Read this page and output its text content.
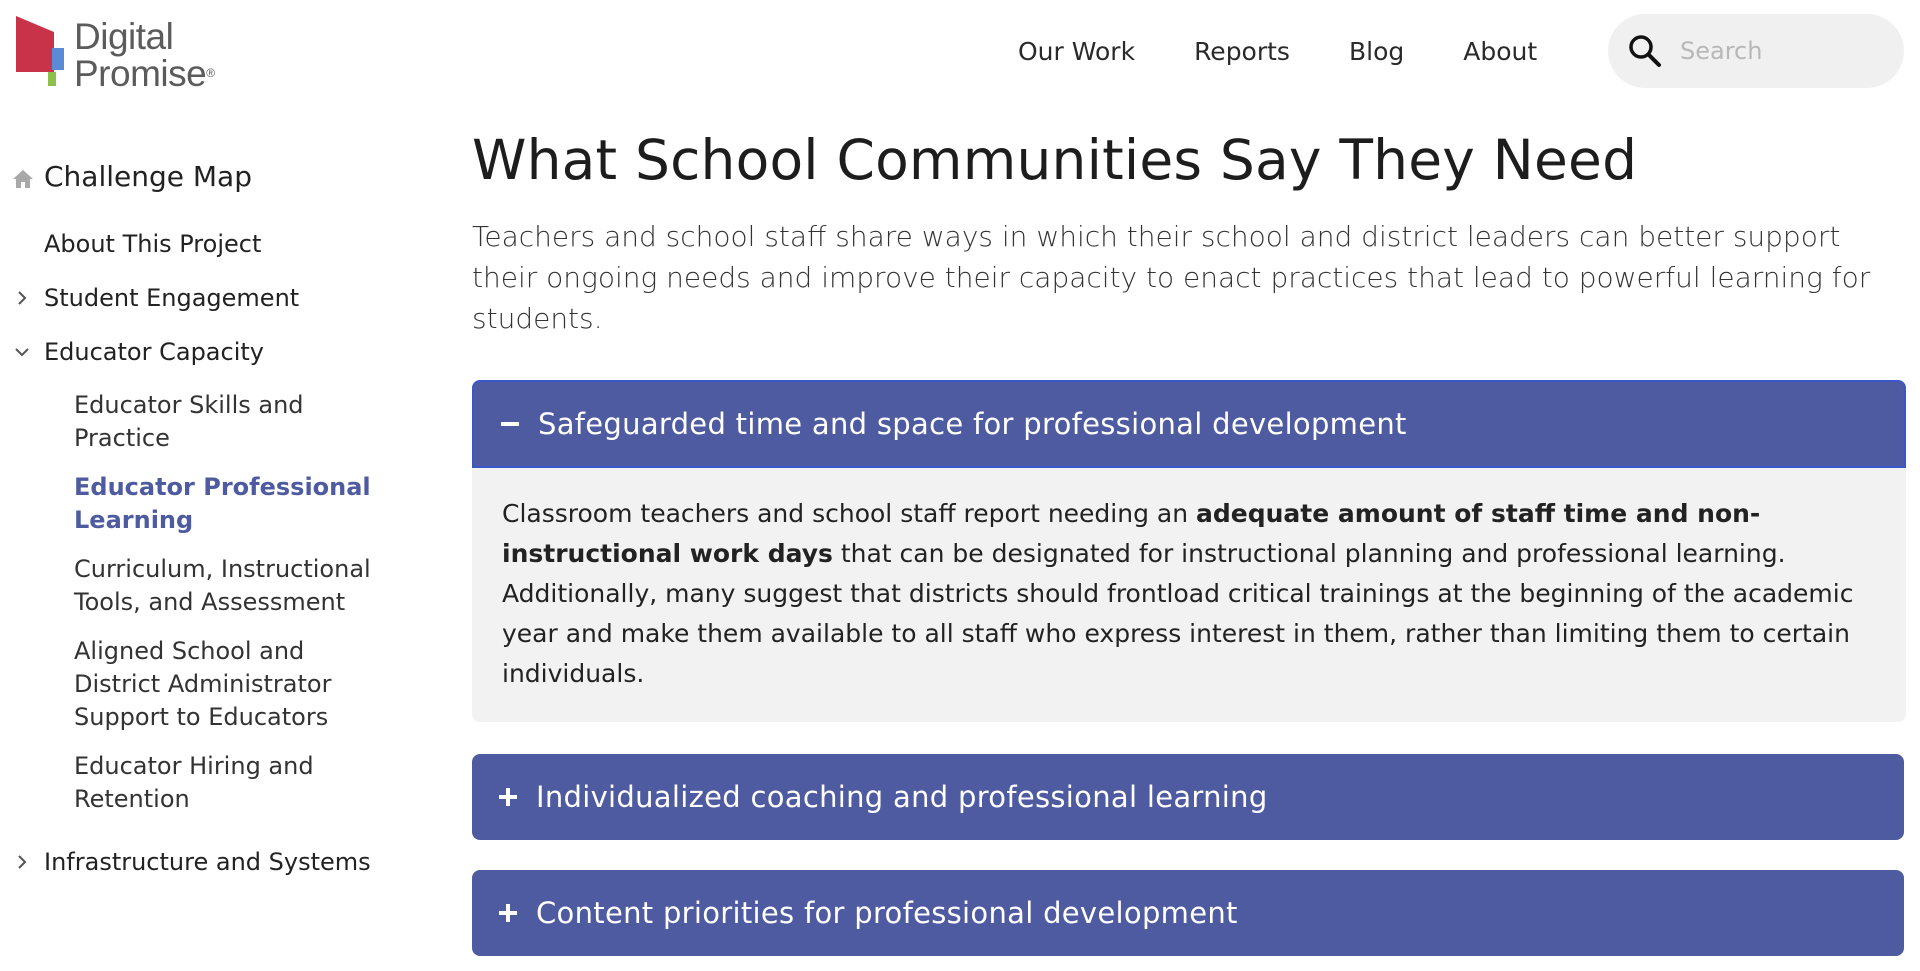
Digital
Promise®
Our Work Reports Blog About
Search
Challenge Map
About This Project
Student Engagement
Educator Capacity
Educator Skills and Practice
Educator Professional Learning
Curriculum, Instructional Tools, and Assessment
Aligned School and District Administrator Support to Educators
Educator Hiring and Retention
Infrastructure and Systems
What School Communities Say They Need

Teachers and school staff share ways in which their school and district leaders can better support their ongoing needs and improve their capacity to enact practices that lead to powerful learning for students.

Safeguarded time and space for professional development
Classroom teachers and school staff report needing an adequate amount of staff time and non-instructional work days that can be designated for instructional planning and professional learning. Additionally, many suggest that districts should frontload critical trainings at the beginning of the academic year and make them available to all staff who express interest in them, rather than limiting them to certain individuals.
Individualized coaching and professional learning
Content priorities for professional development
